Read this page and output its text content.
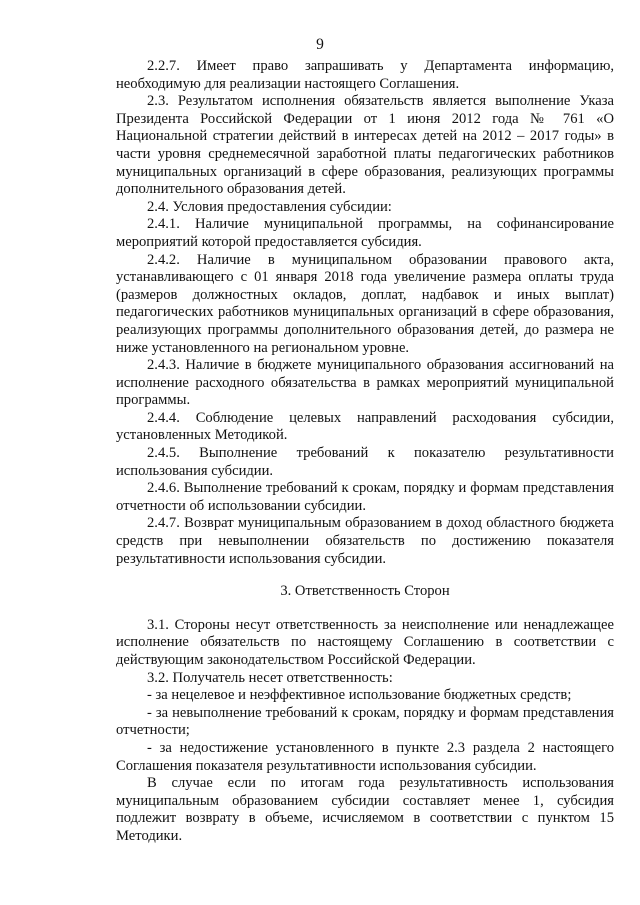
9

2.2.7. Имеет право запрашивать у Департамента информацию, необходимую для реализации настоящего Соглашения.

2.3. Результатом исполнения обязательств является выполнение Указа Президента Российской Федерации от 1 июня 2012 года № 761 «О Национальной стратегии действий в интересах детей на 2012 – 2017 годы» в части уровня среднемесячной заработной платы педагогических работников муниципальных организаций в сфере образования, реализующих программы дополнительного образования детей.

2.4. Условия предоставления субсидии:

2.4.1. Наличие муниципальной программы, на софинансирование мероприятий которой предоставляется субсидия.

2.4.2. Наличие в муниципальном образовании правового акта, устанавливающего с 01 января 2018 года увеличение размера оплаты труда (размеров должностных окладов, доплат, надбавок и иных выплат) педагогических работников муниципальных организаций в сфере образования, реализующих программы дополнительного образования детей, до размера не ниже установленного на региональном уровне.

2.4.3. Наличие в бюджете муниципального образования ассигнований на исполнение расходного обязательства в рамках мероприятий муниципальной программы.

2.4.4. Соблюдение целевых направлений расходования субсидии, установленных Методикой.

2.4.5. Выполнение требований к показателю результативности использования субсидии.

2.4.6. Выполнение требований к срокам, порядку и формам представления отчетности об использовании субсидии.

2.4.7. Возврат муниципальным образованием в доход областного бюджета средств при невыполнении обязательств по достижению показателя результативности использования субсидии.

3. Ответственность Сторон

3.1. Стороны несут ответственность за неисполнение или ненадлежащее исполнение обязательств по настоящему Соглашению в соответствии с действующим законодательством Российской Федерации.

3.2. Получатель несет ответственность:

- за нецелевое и неэффективное использование бюджетных средств;

- за невыполнение требований к срокам, порядку и формам представления отчетности;

- за недостижение установленного в пункте 2.3 раздела 2 настоящего Соглашения показателя результативности использования субсидии.

В случае если по итогам года результативность использования муниципальным образованием субсидии составляет менее 1, субсидия подлежит возврату в объеме, исчисляемом в соответствии с пунктом 15 Методики.
